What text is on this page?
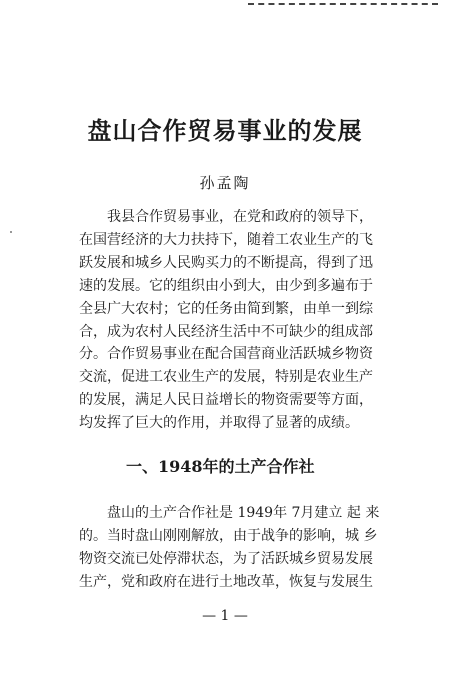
盘山合作贸易事业的发展
孙孟陶
我县合作贸易事业，在党和政府的领导下，
在国营经济的大力扶持下，随着工农业生产的飞
跃发展和城乡人民购买力的不断提高，得到了迅
速的发展。它的组织由小到大，由少到多遍布于
全县广大农村；它的任务由简到繁，由单一到综
合，成为农村人民经济生活中不可缺少的组成部
分。合作贸易事业在配合国营商业活跃城乡物资
交流，促进工农业生产的发展，特别是农业生产
的发展，满足人民日益增长的物资需要等方面，
均发挥了巨大的作用，并取得了显著的成绩。
一、1948年的土产合作社
盘山的土产合作社是 1949年 7月建立 起 来
的。当时盘山刚刚解放，由于战争的影响，城 乡
物资交流已处停滞状态，为了活跃城乡贸易发展
生产，党和政府在进行土地改革，恢复与发展生
— 1 —
